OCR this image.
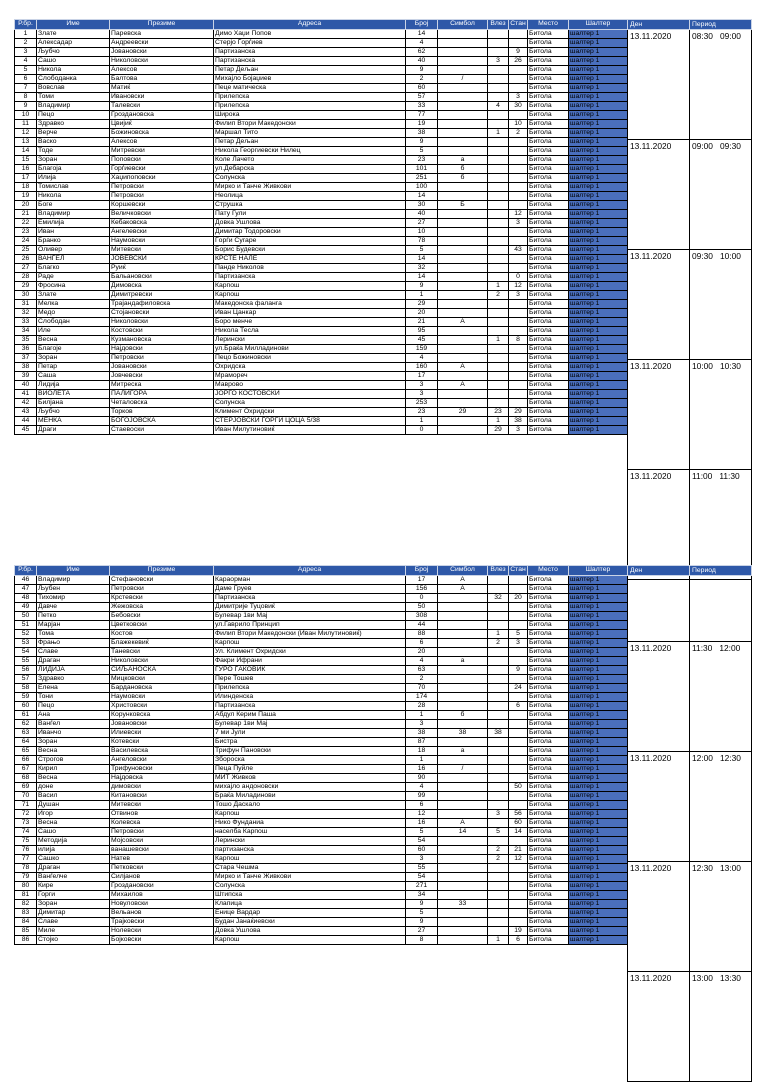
Р.бр.	Име	Презиме	Адреса	Број	Симбол	Влез	Стан	Место	Шалтер
1	Злате	Паревска	Димо Хаџи Попов	14				Битола	шалтер 1
2	Алексадар	Андреевски	Стерјо Ѓорѓиев	4				Битола	шалтер 1
3	Љубчо	Јовановски	Партизанска	62			9	Битола	шалтер 1
4	Сашо	Николовски	Партизанска	40		3	26	Битола	шалтер 1
5	Никола	Алексов	Петар Дељан	9				Битола	шалтер 1
6	Слободанка	Балтова	Михајло Бојаџиев	2	/			Битола	шалтер 1
7	Вовслав	Матиќ	Пеце матическа	60				Битола	шалтер 1
8	Томи	Ивановски	Прилепска	57			3	Битола	шалтер 1
9	Владимир	Талевски	Прилепска	33		4	30	Битола	шалтер 1
10	Пецо	Гроздановска	Широка	77				Битола	шалтер 1
11	Здравко	Цвијиќ	Филип Втори Македонски	19			10	Битола	шалтер 1
12	Верче	Божиновска	Маршал Тито	38		1	2	Битола	шалтер 1
13	Васко	Алексов	Петар Дељан	9				Битола	шалтер 1
14	Тоде	Митревски	Никола Георгиевски Нилец	5				Битола	шалтер 1
15	Зоран	Поповски	Коле Лачето	23	а			Битола	шалтер 1
16	Благоја	Горѓиевски	ул.Дебарска	101	б			Битола	шалтер 1
17	Илија	Хаџипоповски	Солунска	251	б			Битола	шалтер 1
18	Томислав	Петровски	Мирко и Танче Живкови	100				Битола	шалтер 1
19	Никола	Петровски	Неолица	14				Битола	шалтер 1
20	Боге	Коршевски	Струшка	30	Б			Битола	шалтер 1
21	Владимир	Величковски	Пату Гули	40			12	Битола	шалтер 1
22	Емилија	Кебаковска	Довка Ушлова	27			3	Битола	шалтер 1
23	Иван	Ангелевски	Димитар Тодоровски	10				Битола	шалтер 1
24	Бранко	Наумовски	Ѓорѓи Сугаре	78				Битола	шалтер 1
25	Оливер	Митевски	Борис Будевски	5			43	Битола	шалтер 1
26	ВАНЃЕЛ	ЈОВЕВСКИ	КРСТЕ НАЛЕ	14				Битола	шалтер 1
27	Благко	Руиќ	Панде Николов	32				Битола	шалтер 1
28	Раде	Бальановски	Партизанска	14			0	Битола	шалтер 1
29	Фросина	Димовска	Карпош	9		1	12	Битола	шалтер 1
30	Злате	Димитревски	Карпош	1		2	3	Битола	шалтер 1
31	Мелка	Трајандафиловска	Македонска фаланга	29				Битола	шалтер 1
32	Медо	Стојановски	Иван Цанкар	20				Битола	шалтер 1
33	Слободан	Николовски	Боро менче	21	А			Битола	шалтер 1
34	Иле	Костовски	Никола Тесла	95				Битола	шалтер 1
35	Весна	Кузмановска	Лерински	45		1	8	Битола	шалтер 1
36	Благоје	Најдовски	ул.Браќа Милладинови	159				Битола	шалтер 1
37	Зоран	Петровски	Пецо Божиновски	4				Битола	шалтер 1
38	Петар	Јовановски	Охридска	160	А			Битола	шалтер 1
39	Саша	Јовчевски	Мрамореч	17				Битола	шалтер 1
40	Лидија	Митреска	Маврово	3	А			Битола	шалтер 1
41	ВИОЛЕТА	ПАЛИГОРА	ЈОРГО КОСТОВСКИ	3				Битола	шалтер 1
42	Билјана	Четаловска	Солунска	253				Битола	шалтер 1
43	Љубчо	Торков	Климент Охридски	23	29	23	29	Битола	шалтер 1
44	МЕНКА	БОГОЈОВСКА	СТЕРЈОВСКИ ГОРГИ ЦОЦА 5/38	1		1	38	Битола	шалтер 1
45	Драги	Стаевоски	Иван Милутиновиќ	0		29	3	Битола	шалтер 1
Р.бр.	Име	Презиме	Адреса	Број	Симбол	Влез	Стан	Место	Шалтер
46	Владимир	Стефановски	Караорман	17	А			Битола	шалтер 1
47	Љубен	Петровски	Даме Груев	156	А			Битола	шалтер 1
48	Тихомир	Крстевски	Партизанска	0		32	20	Битола	шалтер 1
49	Давче	Жежовска	Димитрије Туцовиќ	50				Битола	шалтер 1
50	Петко	Бебовски	Булевар 1ви Мај	308				Битола	шалтер 1
51	Марјан	Цветковски	ул.Гаврило Принцип	44				Битола	шалтер 1
52	Тома	Костов	Филип Втори Македонски (Иван Милутиновиќ)	88		1	5	Битола	шалтер 1
53	Фрањо	Блажекевиќ	Карпош	6		2	3	Битола	шалтер 1
54	Славе	Таневски	Ул. Климент Охридски	20				Битола	шалтер 1
55	Драган	Николовски	Факри Ифрани	4	а			Битола	шалтер 1
56	ЛИДИЈА	СИЉАНОСКА	ЃУРО ЃАКОВИК	63			9	Битола	шалтер 1
57	Здравко	Мицковски	Пере Тошев	2				Битола	шалтер 1
58	Елена	Бардановска	Прилепска	70			24	Битола	шалтер 1
59	Тони	Наумовски	Илинденска	174				Битола	шалтер 1
60	Пецо	Христовски	Партизанска	28			6	Битола	шалтер 1
61	Ана	Корунковска	Абдул Керим Паша	1	б			Битола	шалтер 1
62	Ванѓел	Јовановски	Булевар 1ви Мај	3				Битола	шалтер 1
63	Иванчо	Илиевски	7 ми Јули	38	38	38		Битола	шалтер 1
64	Зоран	Котевски	Бистра	87				Битола	шалтер 1
65	Весна	Василевска	Трифун Пановски	18	а			Битола	шалтер 1
66	Строгов	Ангеловски	Збороска	1				Битола	шалтер 1
67	Кирил	Трифуновски	Пеца Пуйле	16	/			Битола	шалтер 1
68	Весна	Најдовска	МИТ Живков	90				Битола	шалтер 1
69	доне	димовски	михајло андоновски	4			50	Битола	шалтер 1
70	Васил	Китановски	Браќа Миладинови	99				Битола	шалтер 1
71	Душан	Митевски	Тошо Даскало	6				Битола	шалтер 1
72	Игор	Отвинов	Карпош	12		3	56	Битола	шалтер 1
73	Весна	Колевска	Нико Фунданиа	16	А		60	Битола	шалтер 1
74	Сашо	Петровски	населба Карпош	5	14	5	14	Битола	шалтер 1
75	Методија	Мојсовски	Лерински	54				Битола	шалтер 1
76	илија	ванашевски	партизанска	60		2	21	Битола	шалтер 1
77	Сашко	Натев	Карпош	3		2	12	Битола	шалтер 1
78	Драган	Петковски	Стара Чешма	55				Битола	шалтер 1
79	Ванѓелче	Силјанов	Мирко и Танче Живкови	54				Битола	шалтер 1
80	Кире	Гроздановски	Солунска	271				Битола	шалтер 1
81	Горги	Михаилов	Штипска	34				Битола	шалтер 1
82	Зоран	Новуловски	Клапица	9	33			Битола	шалтер 1
83	Димитар	Вельанов	Енице Вардар	5				Битола	шалтер 1
84	Славе	Трајковски	Будан Јанаќиевски	9				Битола	шалтер 1
85	Миле	Нолевски	Довка Ушлова	27			19	Битола	шалтер 1
86	Стојко	Бојковски	Карпош	8		1	6	Битола	шалтер 1
Ден	Период
13.11.2020	08:30 09:00
13.11.2020	09:00 09:30
13.11.2020	09:30 10:00
13.11.2020	10:00 10:30
13.11.2020	11:00 11:30
Ден	Период

13.11.2020	11:30 12:00
13.11.2020	12:00 12:30
13.11.2020	12:30 13:00
13.11.2020	13:00 13:30
